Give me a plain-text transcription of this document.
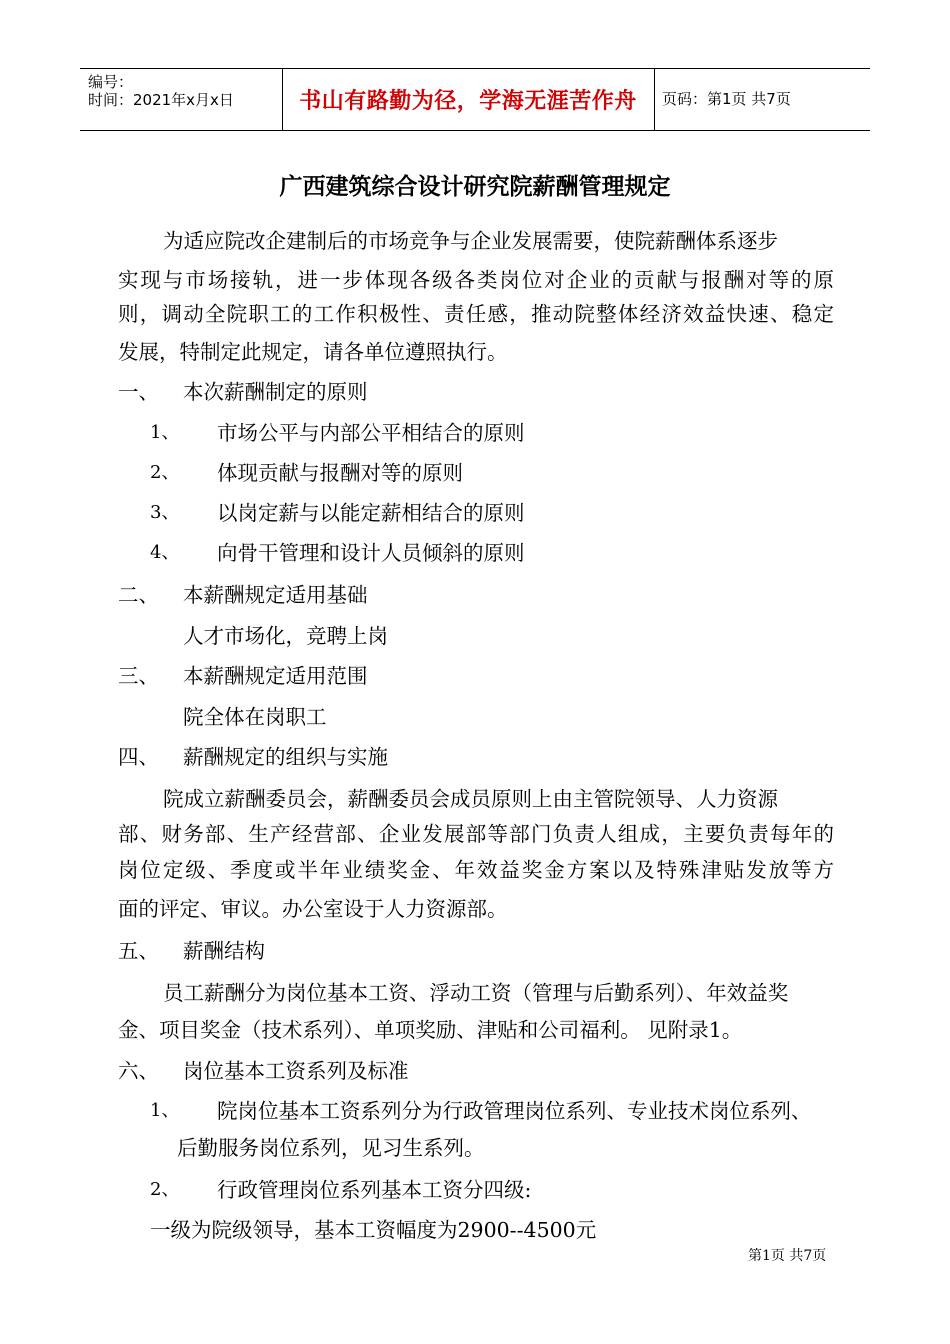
编号：
时间：2021年x月x日	书山有路勤为径，学海无涯苦作舟	页码：第1页 共7页
广西建筑综合设计研究院薪酬管理规定
为适应院改企建制后的市场竞争与企业发展需要，使院薪酬体系逐步
实现与市场接轨，进一步体现各级各类岗位对企业的贡献与报酬对等的原
则，调动全院职工的工作积极性、责任感，推动院整体经济效益快速、稳定
发展，特制定此规定，请各单位遵照执行。
一、 本次薪酬制定的原则
1、 市场公平与内部公平相结合的原则
2、 体现贡献与报酬对等的原则
3、 以岗定薪与以能定薪相结合的原则
4、 向骨干管理和设计人员倾斜的原则
二、 本薪酬规定适用基础
人才市场化，竞聘上岗
三、 本薪酬规定适用范围
院全体在岗职工
四、 薪酬规定的组织与实施
院成立薪酬委员会，薪酬委员会成员原则上由主管院领导、人力资源
部、财务部、生产经营部、企业发展部等部门负责人组成，主要负责每年的
岗位定级、季度或半年业绩奖金、年效益奖金方案以及特殊津贴发放等方
面的评定、审议。办公室设于人力资源部。
五、 薪酬结构
员工薪酬分为岗位基本工资、浮动工资（管理与后勤系列）、年效益奖
金、项目奖金（技术系列）、单项奖励、津贴和公司福利。 见附录1。
六、 岗位基本工资系列及标准
1、 院岗位基本工资系列分为行政管理岗位系列、专业技术岗位系列、
后勤服务岗位系列，见习生系列。
2、 行政管理岗位系列基本工资分四级:
一级为院级领导，基本工资幅度为2900--4500元
第1页 共7页
